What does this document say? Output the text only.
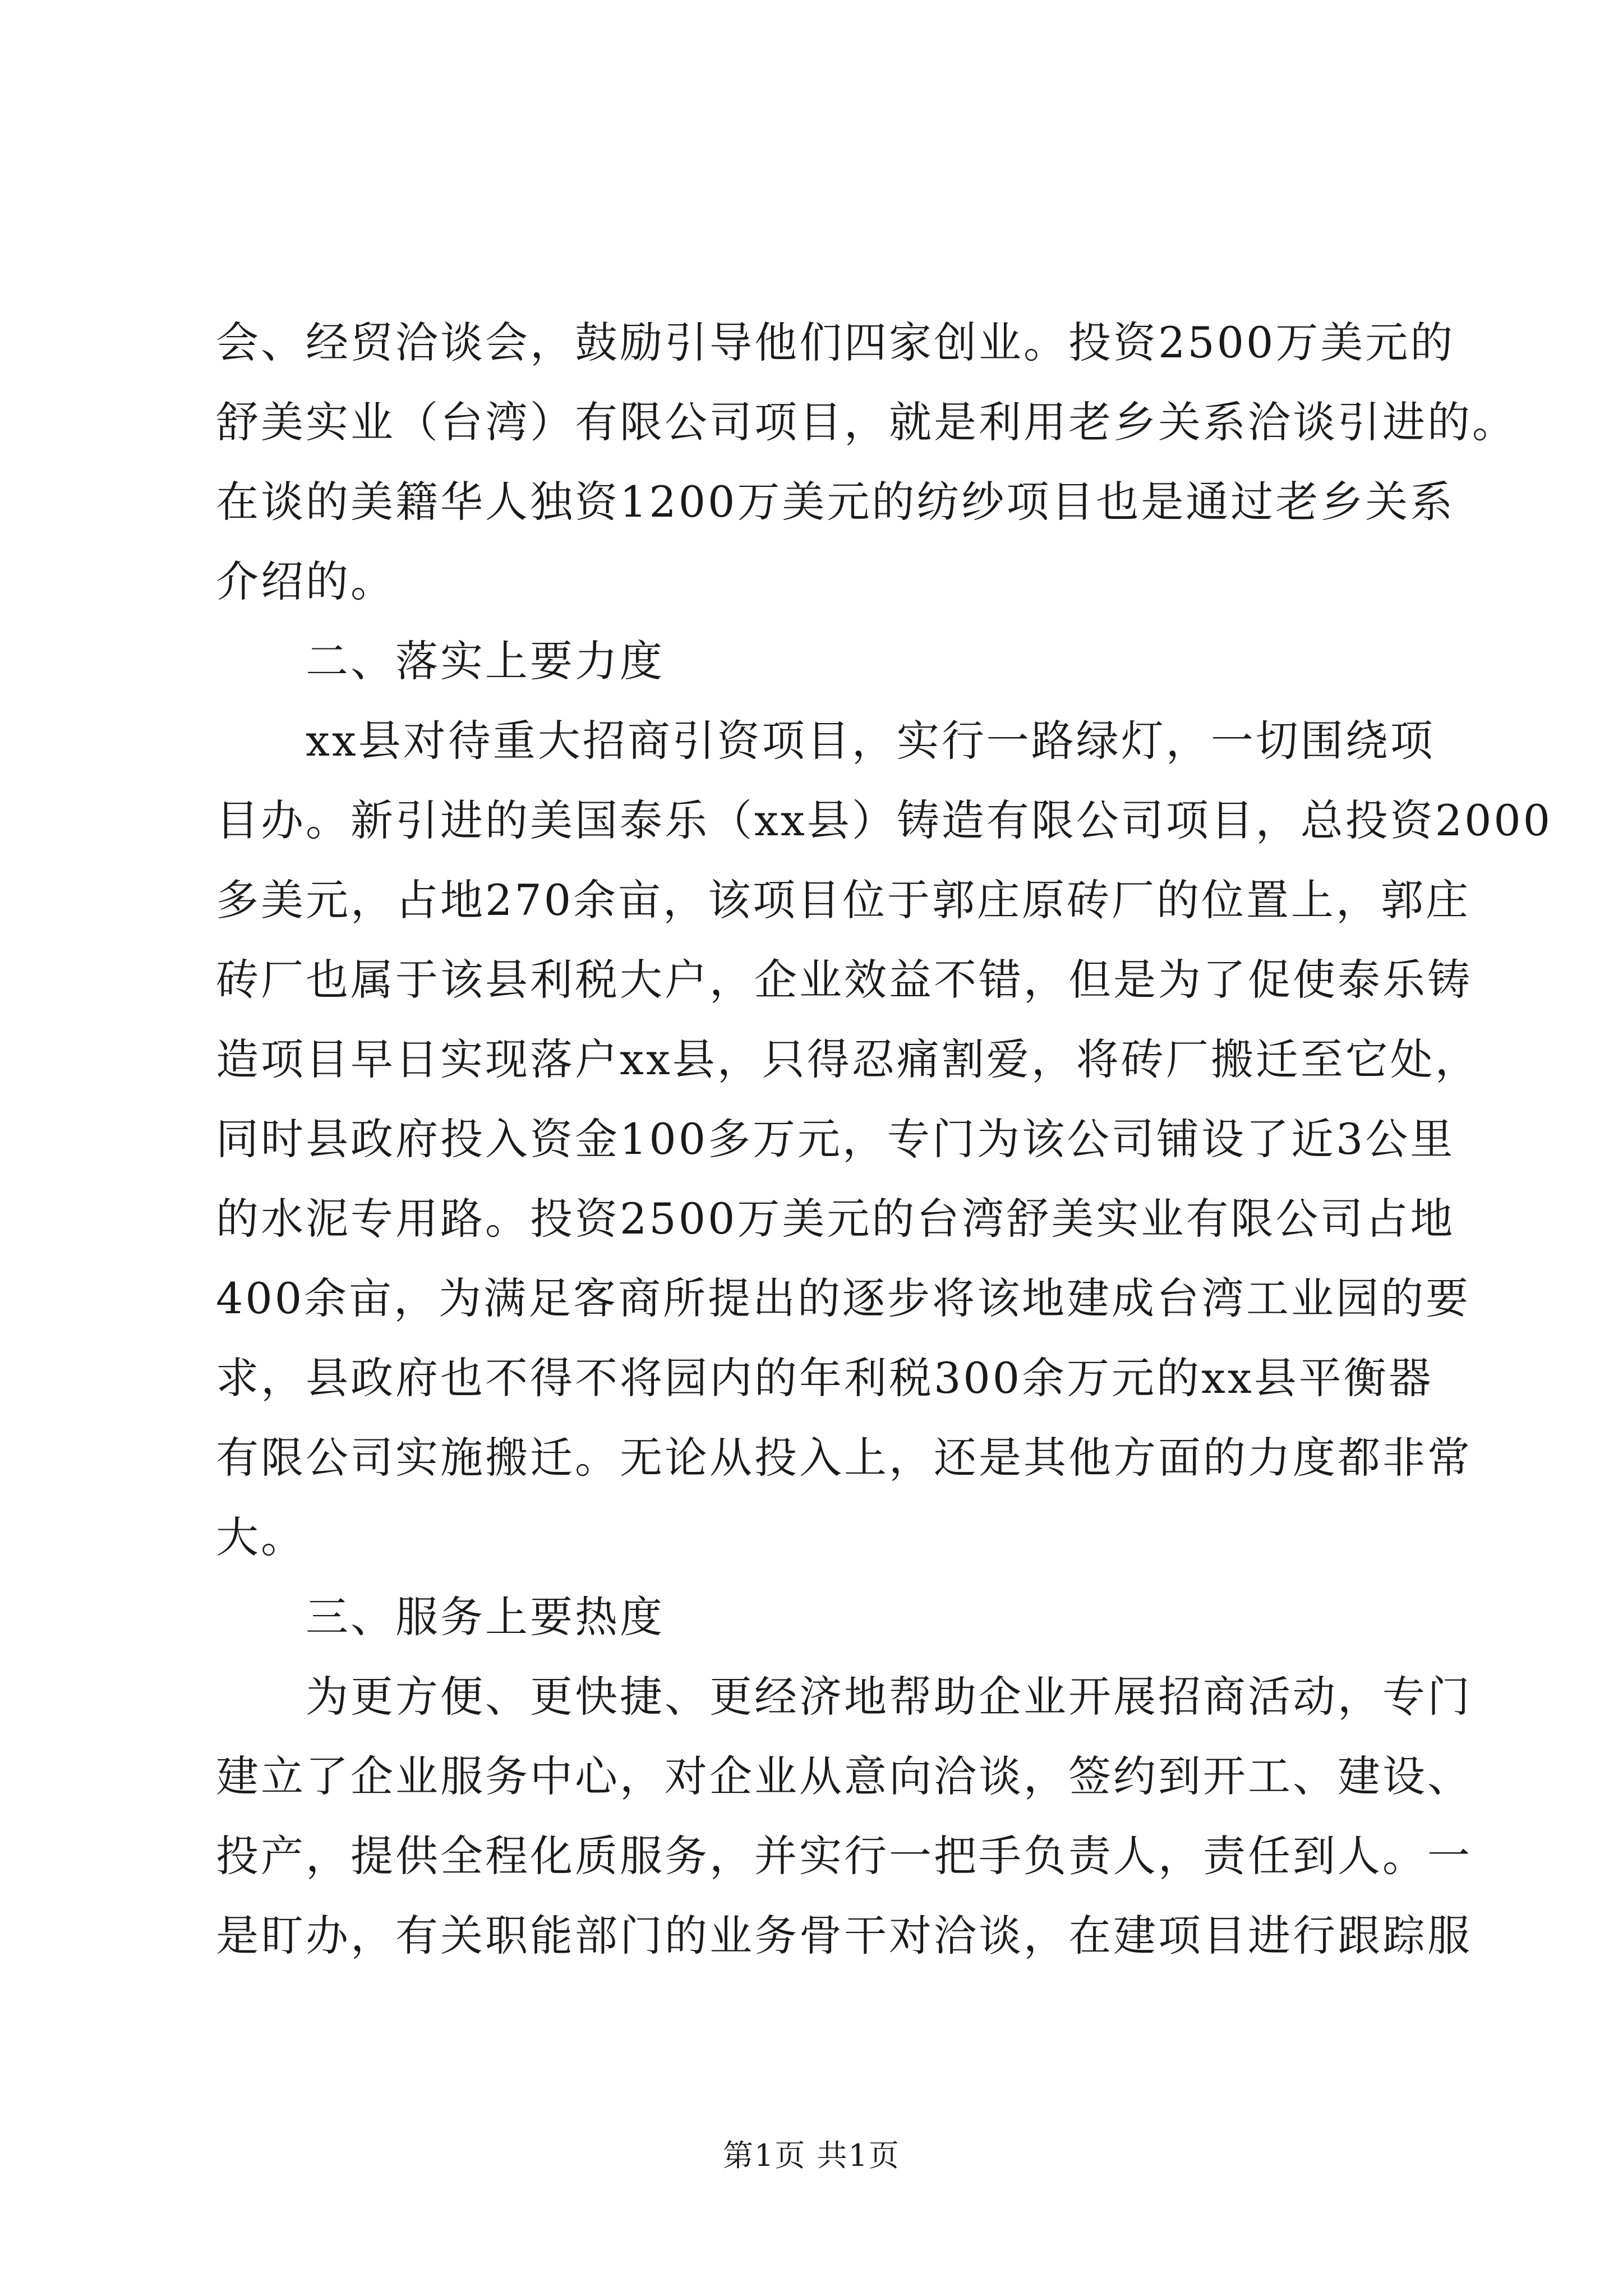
会、经贸洽谈会，鼓励引导他们四家创业。投资2500万美元的
舒美实业（台湾）有限公司项目，就是利用老乡关系洽谈引进的。
在谈的美籍华人独资1200万美元的纺纱项目也是通过老乡关系
介绍的。

二、落实上要力度

xx县对待重大招商引资项目，实行一路绿灯，一切围绕项
目办。新引进的美国泰乐（xx县）铸造有限公司项目，总投资2000
多美元，占地270余亩，该项目位于郭庄原砖厂的位置上，郭庄
砖厂也属于该县利税大户，企业效益不错，但是为了促使泰乐铸
造项目早日实现落户xx县，只得忍痛割爱，将砖厂搬迁至它处，
同时县政府投入资金100多万元，专门为该公司铺设了近3公里
的水泥专用路。投资2500万美元的台湾舒美实业有限公司占地
400余亩，为满足客商所提出的逐步将该地建成台湾工业园的要
求，县政府也不得不将园内的年利税300余万元的xx县平衡器
有限公司实施搬迁。无论从投入上，还是其他方面的力度都非常
大。

三、服务上要热度

为更方便、更快捷、更经济地帮助企业开展招商活动，专门
建立了企业服务中心，对企业从意向洽谈，签约到开工、建设、
投产，提供全程化质服务，并实行一把手负责人，责任到人。一
是盯办，有关职能部门的业务骨干对洽谈，在建项目进行跟踪服

第1页 共1页
